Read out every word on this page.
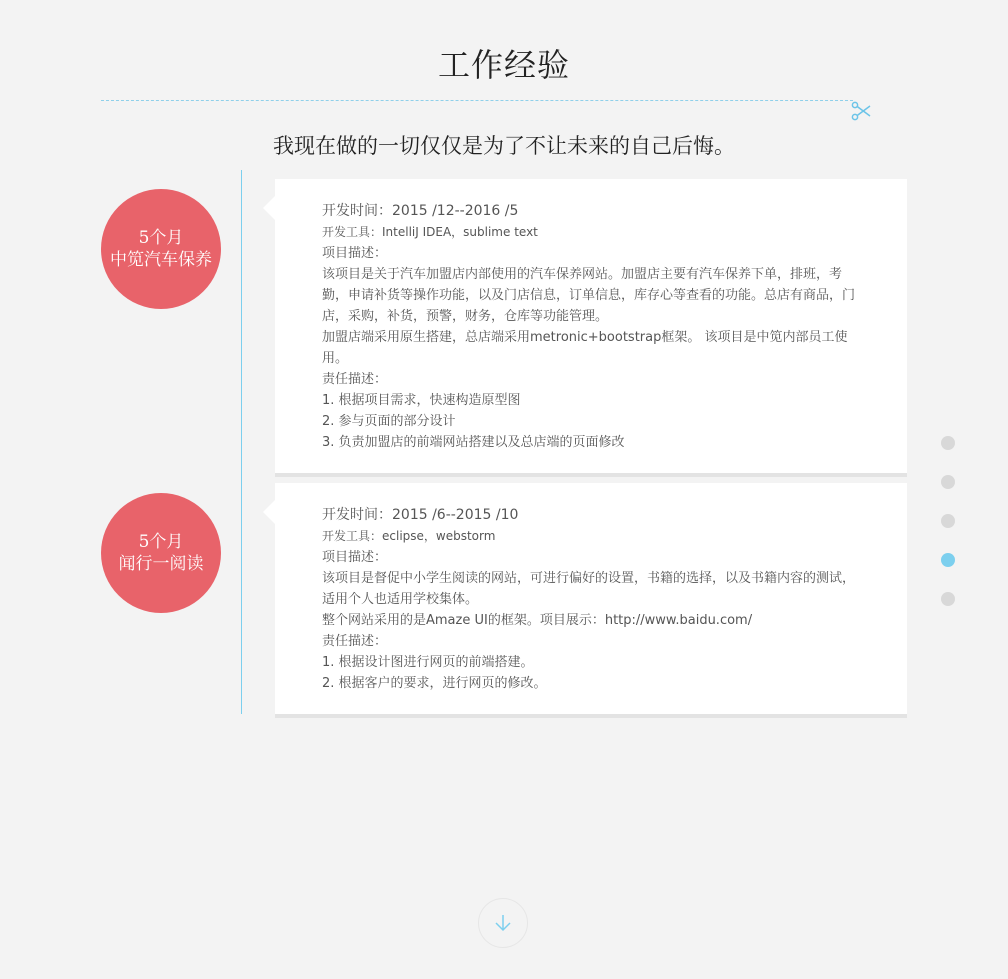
工作经验
我现在做的一切仅仅是为了不让未来的自己后悔。
5个月
中笕汽车保养

开发时间：2015 /12--2016 /5

开发工具：IntelliJ IDEA，sublime text

项目描述：

该项目是关于汽车加盟店内部使用的汽车保养网站。加盟店主要有汽车保养下单，排班，考勤，申请补货等操作功能，以及门店信息，订单信息，库存心等查看的功能。总店有商品，门店，采购，补货，预警，财务，仓库等功能管理。

加盟店端采用原生搭建，总店端采用metronic+bootstrap框架。 该项目是中笕内部员工使用。

责任描述：

1. 根据项目需求，快速构造原型图

2. 参与页面的部分设计

3. 负责加盟店的前端网站搭建以及总店端的页面修改

5个月
闻行一阅读

开发时间：2015 /6--2015 /10

开发工具：eclipse，webstorm

项目描述：

该项目是督促中小学生阅读的网站，可进行偏好的设置，书籍的选择，以及书籍内容的测试，适用个人也适用学校集体。

整个网站采用的是Amaze UI的框架。项目展示：http://www.baidu.com/

责任描述：

1. 根据设计图进行网页的前端搭建。

2. 根据客户的要求，进行网页的修改。
